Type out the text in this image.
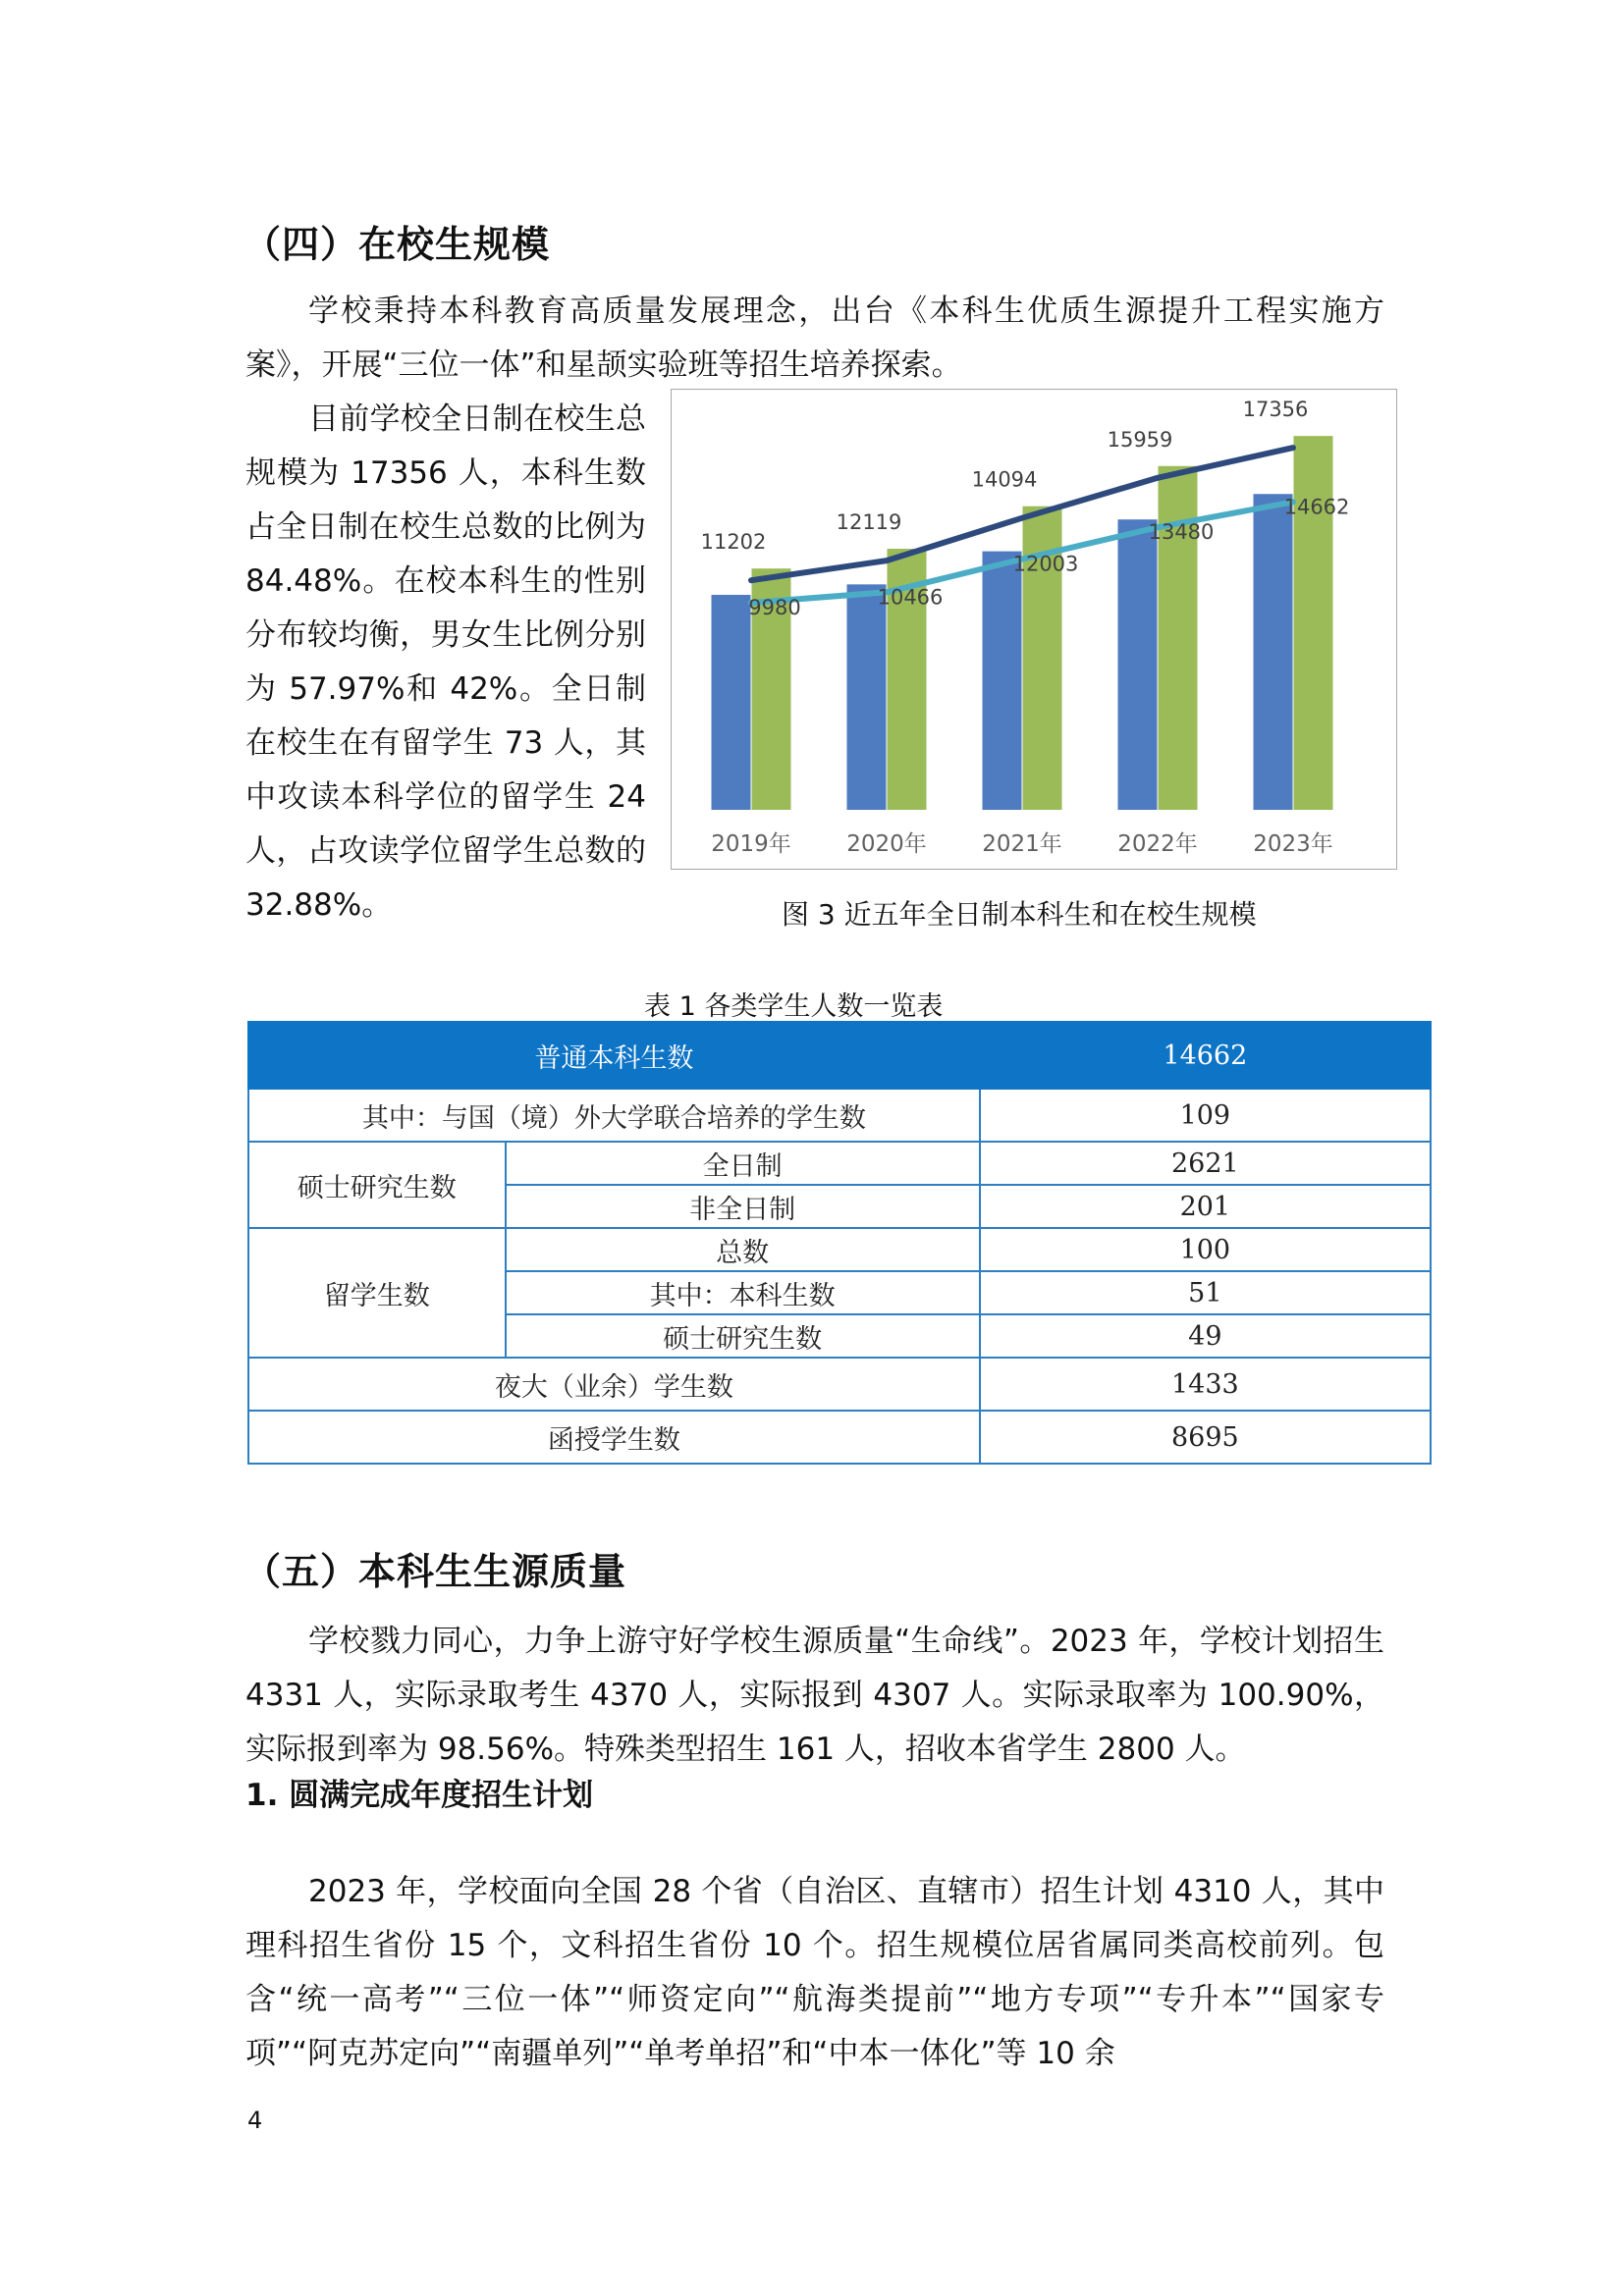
（四）在校生规模

学校秉持本科教育高质量发展理念，出台《本科生优质生源提升工程实施方案》，开展“三位一体”和星颉实验班等招生培养探索。

目前学校全日制在校生总规模为 17356 人，本科生数占全日制在校生总数的比例为 84.48%。在校本科生的性别分布较均衡，男女生比例分别为 57.97%和 42%。全日制在校生在有留学生 73 人，其中攻读本科学位的留学生 24 人，占攻读学位留学生总数的 32.88%。

11202
12119
14094
15959
17356
9980	10466
12003
13480
14662
2019年 2020年 2021年 2022年 2023年
图 3 近五年全日制本科生和在校生规模
表 1 各类学生人数一览表
普通本科生数		14662
其中：与国（境）外大学联合培养的学生数		109
硕士研究生数	全日制	2621
	非全日制	201
留学生数	总数	100
	其中：本科生数	51
	硕士研究生数	49
夜大（业余）学生数		1433
函授学生数		8695
（五）本科生生源质量

学校戮力同心，力争上游守好学校生源质量“生命线”。2023 年，学校计划招生 4331 人，实际录取考生 4370 人，实际报到 4307 人。实际录取率为 100.90%，实际报到率为 98.56%。特殊类型招生 161 人，招收本省学生 2800 人。

1. 圆满完成年度招生计划

2023 年，学校面向全国 28 个省（自治区、直辖市）招生计划 4310 人，其中理科招生省份 15 个，文科招生省份 10 个。招生规模位居省属同类高校前列。包含“统一高考”“三位一体”“师资定向”“航海类提前”“地方专项”“专升本”“国家专项”“阿克苏定向”“南疆单列”“单考单招”和“中本一体化”等 10 余

4
